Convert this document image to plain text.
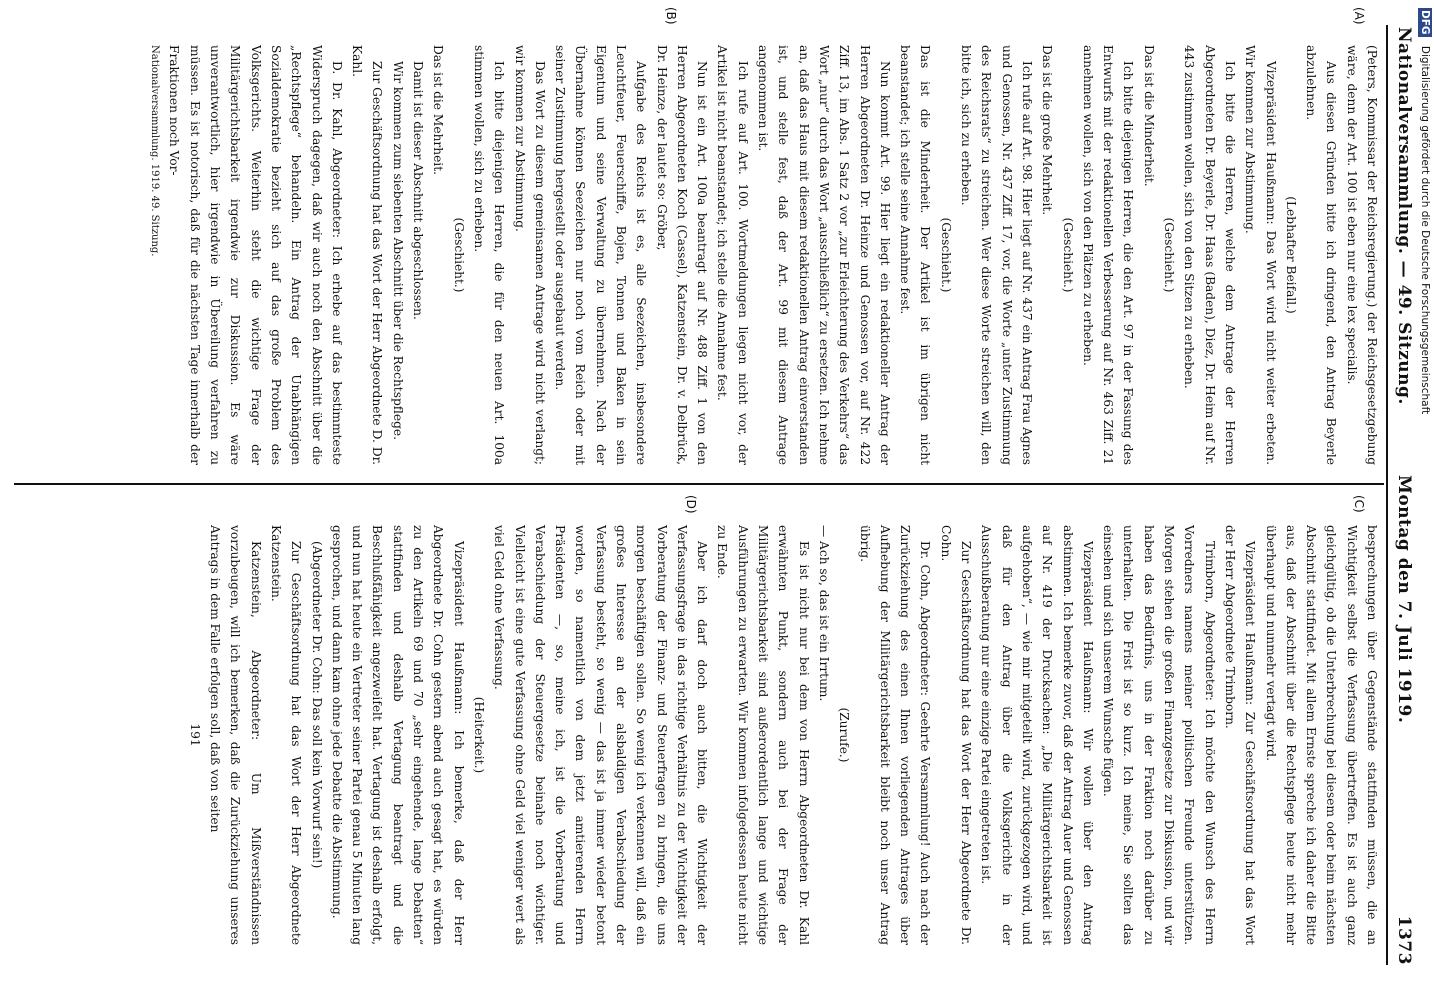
Nationalversammlung. — 49. Sitzung.
Montag den 7. Juli 1919.
1373
(A)
(B)
(C)
(D)

(Peters, Kommissar der Reichsregierung.) der Reichsgesetzgebung wäre, denn der Art. 100 ist eben nur eine lex specialis.

Aus diesen Gründen bitte ich dringend, den Antrag Beyerle abzulehnen.

(Lebhafter Beifall.)

Vizepräsident Haußmann: Das Wort wird nicht weiter erbeten. Wir kommen zur Abstimmung.

Ich bitte die Herren, welche dem Antrage der Herren Abgeordneten Dr. Beyerle, Dr. Haas (Baden), Diez, Dr. Heim auf Nr. 443 zustimmen wollen, sich von den Sitzen zu erheben.

(Geschieht.)

Das ist die Minderheit.

Ich bitte diejenigen Herren, die den Art. 97 in der Fassung des Entwurfs mit der redaktionellen Verbesserung auf Nr. 463 Ziff. 21 annehmen wollen, sich von den Plätzen zu erheben.

(Geschieht.)

Das ist die große Mehrheit.

Ich rufe auf Art. 98. Hier liegt auf Nr. 437 ein Antrag Frau Agnes und Genossen, Nr. 437 Ziff. 17, vor, die Worte „unter Zustimmung des Reichsrats“ zu streichen. Wer diese Worte streichen will, den bitte ich, sich zu erheben.

(Geschieht.)

Das ist die Minderheit. Der Artikel ist im übrigen nicht beanstandet; ich stelle seine Annahme fest.

Nun kommt Art. 99. Hier liegt ein redaktioneller Antrag der Herren Abgeordneten Dr. Heinze und Genossen vor, auf Nr. 422 Ziff. 13, im Abs. 1 Satz 2 vor „zur Erleichterung des Verkehrs“ das Wort „nur“ durch das Wort „ausschließlich“ zu ersetzen. Ich nehme an, daß das Haus mit diesem redaktionellen Antrag einverstanden ist, und stelle fest, daß der Art. 99 mit diesem Antrage angenommen ist.

Ich rufe auf Art. 100. Wortmeldungen liegen nicht vor, der Artikel ist nicht beanstandet; ich stelle die Annahme fest.

Nun ist ein Art. 100a beantragt auf Nr. 488 Ziff. 1 von den Herren Abgeordneten Koch (Cassel), Katzenstein, Dr. v. Delbrück, Dr. Heinze, der lautet so: Gröber,

Aufgabe des Reichs ist es, alle Seezeichen, insbesondere Leuchtfeuer, Feuerschiffe, Bojen, Tonnen und Baken in sein Eigentum und seine Verwaltung zu übernehmen. Nach der Übernahme können Seezeichen nur noch vom Reich oder mit seiner Zustimmung hergestellt oder ausgebaut werden.

Das Wort zu diesem gemeinsamen Antrage wird nicht verlangt; wir kommen zur Abstimmung.

Ich bitte diejenigen Herren, die für den neuen Art. 100a stimmen wollen, sich zu erheben.

(Geschieht.)

Das ist die Mehrheit.

Damit ist dieser Abschnitt abgeschlossen.

Wir kommen zum siebenten Abschnitt über die Rechtspflege.

Zur Geschäftsordnung hat das Wort der Herr Abgeordnete D. Dr. Kahl.

D. Dr. Kahl, Abgeordneter: Ich erhebe auf das bestimmteste Widerspruch dagegen, daß wir auch noch den Abschnitt über die „Rechtspflege“ behandeln. Ein Antrag der Unabhängigen Sozialdemokratie bezieht sich auf das große Problem des Volksgerichts. Weiterhin steht die wichtige Frage der Militärgerichtsbarkeit irgendwie zur Diskussion. Es wäre unverantwortlich, hier irgendwie in Übereilung verfahren zu müssen. Es ist notorisch, daß für die nächsten Tage innerhalb der Fraktionen noch Vor-

Nationalversammlung. 1919. 49. Sitzung.

besprechungen über Gegenstände stattfinden müssen, die an Wichtigkeit selbst die Verfassung übertreffen. Es ist auch ganz gleichgültig, ob die Unterbrechung bei diesem oder beim nächsten Abschnitt stattfindet. Mit allem Ernste spreche ich daher die Bitte aus, daß der Abschnitt über die Rechtspflege heute nicht mehr überhaupt und nunmehr vertagt wird.

Vizepräsident Haußmann: Zur Geschäftsordnung hat das Wort der Herr Abgeordnete Trimborn.

Trimborn, Abgeordneter: Ich möchte den Wunsch des Herrn Vorredners namens meiner politischen Freunde unterstützen. Morgen stehen die großen Finanzgesetze zur Diskussion, und wir haben das Bedürfnis, uns in der Fraktion noch darüber zu unterhalten. Die Frist ist so kurz. Ich meine, Sie sollten das einsehen und sich unserem Wunsche fügen.

Vizepräsident Haußmann: Wir wollen über den Antrag abstimmen. Ich bemerke zuvor, daß der Antrag Auer und Genossen auf Nr. 419 der Drucksachen: „Die Militärgerichtsbarkeit ist aufgehoben“, — wie mir mitgeteilt wird, zurückgezogen wird, und daß für den Antrag über die Volksgerichte in der Ausschußberatung nur eine einzige Partei eingetreten ist.

Zur Geschäftsordnung hat das Wort der Herr Abgeordnete Dr. Cohn.

Dr. Cohn, Abgeordneter: Geehrte Versammlung! Auch nach der Zurückziehung des einen Ihnen vorliegenden Antrages über Aufhebung der Militärgerichtsbarkeit bleibt noch unser Antrag übrig.

(Zurufe.)

— Ach so, das ist ein Irrtum.

Es ist nicht nur bei dem von Herrn Abgeordneten Dr. Kahl erwähnten Punkt, sondern auch bei der Frage der Militärgerichtsbarkeit sind außerordentlich lange und wichtige Ausführungen zu erwarten. Wir kommen infolgedessen heute nicht zu Ende.

Aber ich darf doch auch bitten, die Wichtigkeit der Verfassungsfrage in das richtige Verhältnis zu der Wichtigkeit der Vorberatung der Finanz- und Steuerfragen zu bringen, die uns morgen beschäftigen sollen. So wenig ich verkennen will, daß ein großes Interesse an der alsbaldigen Verabschiedung der Verfassung besteht, so wenig — das ist ja immer wieder betont worden, so namentlich von dem jetzt amtierenden Herrn Präsidenten —, so, meine ich, ist die Vorberatung und Verabschiedung der Steuergesetze beinahe noch wichtiger. Vielleicht ist eine gute Verfassung ohne Geld viel weniger wert als viel Geld ohne Verfassung.

(Heiterkeit.)

Vizepräsident Haußmann: Ich bemerke, daß der Herr Abgeordnete Dr. Cohn gestern abend auch gesagt hat, es würden zu den Artikeln 69 und 70 „sehr eingehende, lange Debatten“ stattfinden und deshalb Vertagung beantragt und die Beschlußfähigkeit angezweifelt hat. Vertagung ist deshalb erfolgt, und nun hat heute ein Vertreter seiner Partei genau 5 Minuten lang gesprochen, und dann kam ohne jede Debatte die Abstimmung.

(Abgeordneter Dr. Cohn: Das soll kein Vorwurf sein!)

Zur Geschäftsordnung hat das Wort der Herr Abgeordnete Katzenstein.

Katzenstein, Abgeordneter: Um Mißverständnissen vorzubeugen, will ich bemerken, daß die Zurückziehung unseres Antrags in dem Falle erfolgen soll, daß von seiten

191

DFG Digitalisierung gefördert durch die Deutsche Forschungsgemeinschaft
